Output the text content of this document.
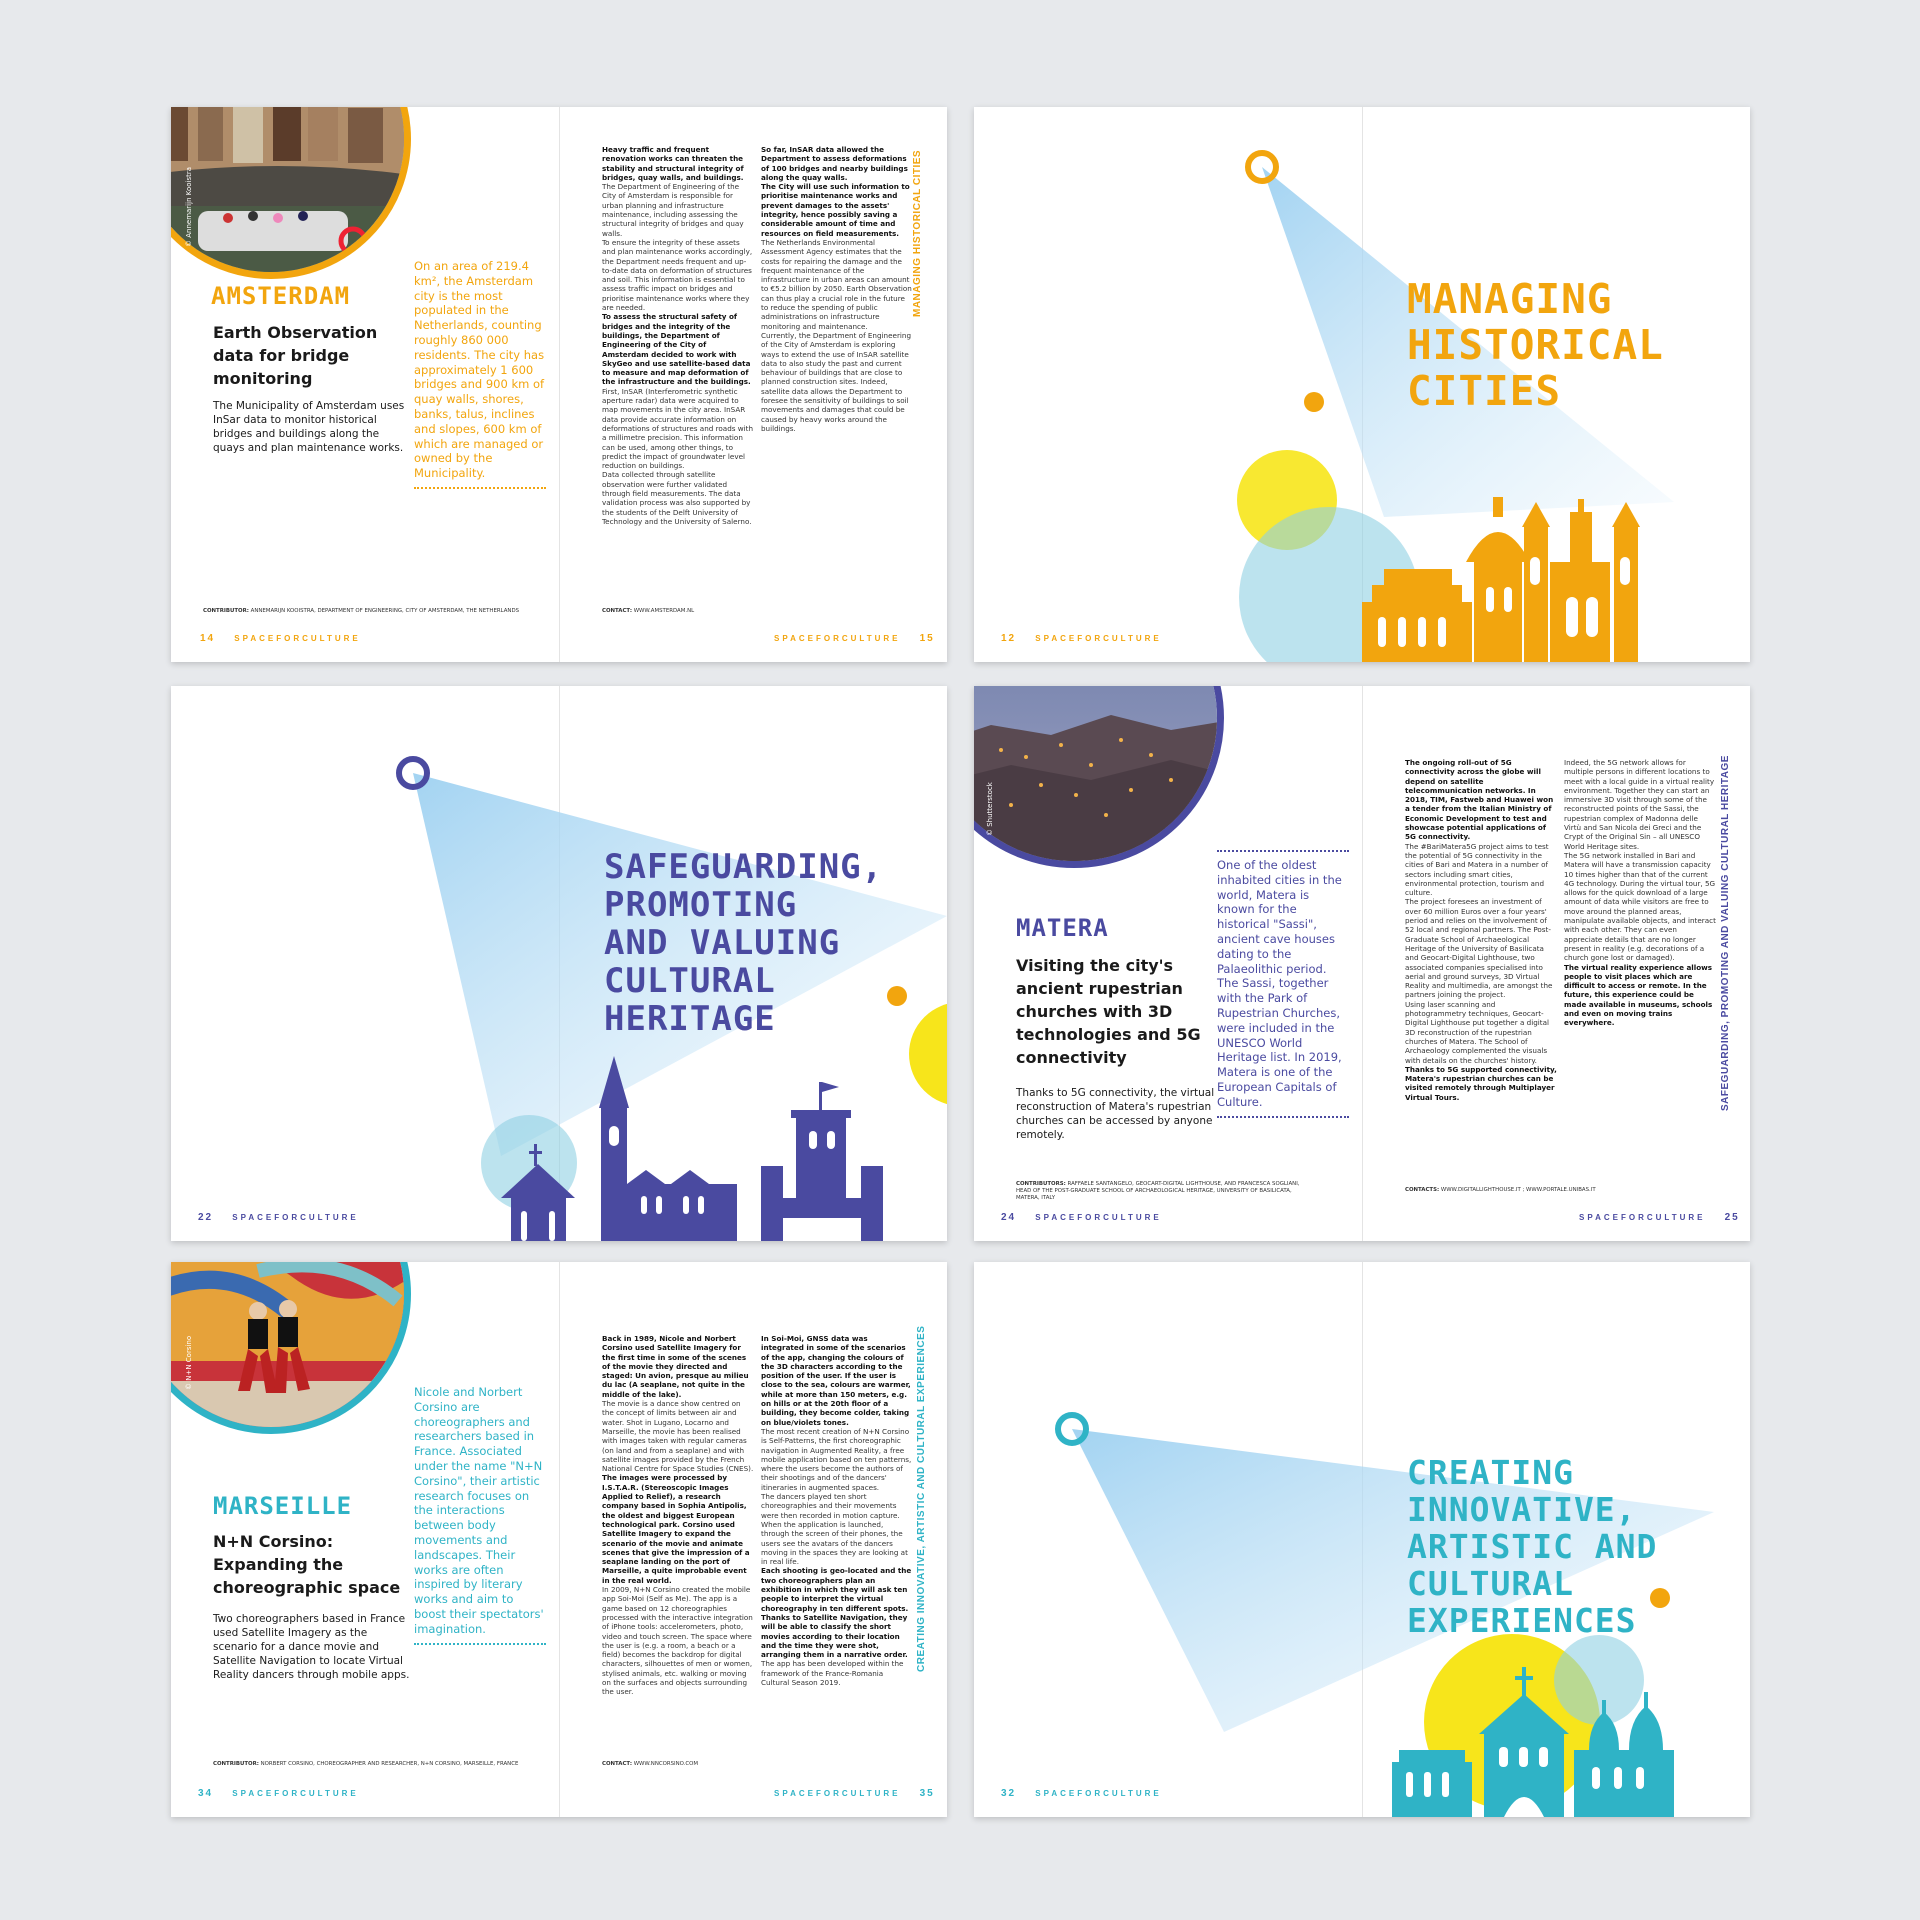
© Annemarijn Kooistra
AMSTERDAM
Earth Observation data for bridge monitoring
The Municipality of Amsterdam uses InSar data to monitor historical bridges and buildings along the quays and plan maintenance works.
On an area of 219.4 km², the Amsterdam city is the most populated in the Netherlands, counting roughly 860 000 residents. The city has approximately 1 600 bridges and 900 km of quay walls, shores, banks, talus, inclines and slopes, 600 km of which are managed or owned by the Municipality.
Heavy traffic and frequent renovation works can threaten the stability and structural integrity of bridges, quay walls, and buildings.
The Department of Engineering of the City of Amsterdam is responsible for urban planning and infrastructure maintenance, including assessing the structural integrity of bridges and quay walls.
To ensure the integrity of these assets and plan maintenance works accordingly, the Department needs frequent and up-to-date data on deformation of structures and soil. This information is essential to assess traffic impact on bridges and prioritise maintenance works where they are needed.
To assess the structural safety of bridges and the integrity of the buildings, the Department of Engineering of the City of Amsterdam decided to work with SkyGeo and use satellite-based data to measure and map deformation of the infrastructure and the buildings.
First, InSAR (Interferometric synthetic aperture radar) data were acquired to map movements in the city area. InSAR data provide accurate information on deformations of structures and roads with a millimetre precision. This information can be used, among other things, to predict the impact of groundwater level reduction on buildings.
Data collected through satellite observation were further validated through field measurements. The data validation process was also supported by the students of the Delft University of Technology and the University of Salerno.
So far, InSAR data allowed the Department to assess deformations of 100 bridges and nearby buildings along the quay walls.
The City will use such information to prioritise maintenance works and prevent damages to the assets' integrity, hence possibly saving a considerable amount of time and resources on field measurements.
The Netherlands Environmental Assessment Agency estimates that the costs for repairing the damage and the frequent maintenance of the infrastructure in urban areas can amount to €5.2 billion by 2050. Earth Observation can thus play a crucial role in the future to reduce the spending of public administrations on infrastructure monitoring and maintenance.
Currently, the Department of Engineering of the City of Amsterdam is exploring ways to extend the use of InSAR satellite data to also study the past and current behaviour of buildings that are close to planned construction sites. Indeed, satellite data allows the Department to foresee the sensitivity of buildings to soil movements and damages that could be caused by heavy works around the buildings.
MANAGING HISTORICAL CITIES
CONTRIBUTOR: ANNEMARIJN KOOISTRA, DEPARTMENT OF ENGINEERING, CITY OF AMSTERDAM, THE NETHERLANDS	CONTACT: WWW.AMSTERDAM.NL
14 SPACEFORCULTURE	SPACEFORCULTURE 15
MANAGING
HISTORICAL
CITIES
12 SPACEFORCULTURE
SAFEGUARDING,
PROMOTING
AND VALUING
CULTURAL
HERITAGE
22 SPACEFORCULTURE
© Shutterstock
MATERA
Visiting the city's ancient rupestrian churches with 3D technologies and 5G connectivity
Thanks to 5G connectivity, the virtual reconstruction of Matera's rupestrian churches can be accessed by anyone remotely.
One of the oldest inhabited cities in the world, Matera is known for the historical "Sassi", ancient cave houses dating to the Palaeolithic period. The Sassi, together with the Park of Rupestrian Churches, were included in the UNESCO World Heritage list. In 2019, Matera is one of the European Capitals of Culture.
The ongoing roll-out of 5G connectivity across the globe will depend on satellite telecommunication networks. In 2018, TIM, Fastweb and Huawei won a tender from the Italian Ministry of Economic Development to test and showcase potential applications of 5G connectivity.
The #BariMatera5G project aims to test the potential of 5G connectivity in the cities of Bari and Matera in a number of sectors including smart cities, environmental protection, tourism and culture.
The project foresees an investment of over 60 million Euros over a four years' period and relies on the involvement of 52 local and regional partners. The Post-Graduate School of Archaeological Heritage of the University of Basilicata and Geocart-Digital Lighthouse, two associated companies specialised into aerial and ground surveys, 3D Virtual Reality and multimedia, are amongst the partners joining the project.
Using laser scanning and photogrammetry techniques, Geocart-Digital Lighthouse put together a digital 3D reconstruction of the rupestrian churches of Matera. The School of Archaeology complemented the visuals with details on the churches' history.
Thanks to 5G supported connectivity, Matera's rupestrian churches can be visited remotely through Multiplayer Virtual Tours.
Indeed, the 5G network allows for multiple persons in different locations to meet with a local guide in a virtual reality environment. Together they can start an immersive 3D visit through some of the reconstructed points of the Sassi, the rupestrian complex of Madonna delle Virtù and San Nicola dei Greci and the Crypt of the Original Sin – all UNESCO World Heritage sites.
The 5G network installed in Bari and Matera will have a transmission capacity 10 times higher than that of the current 4G technology. During the virtual tour, 5G allows for the quick download of a large amount of data while visitors are free to move around the planned areas, manipulate available objects, and interact with each other. They can even appreciate details that are no longer present in reality (e.g. decorations of a church gone lost or damaged).
The virtual reality experience allows people to visit places which are difficult to access or remote. In the future, this experience could be made available in museums, schools and even on moving trains everywhere.	SAFEGUARDING, PROMOTING AND VALUING CULTURAL HERITAGE
CONTRIBUTORS: RAFFAELE SANTANGELO, GEOCART-DIGITAL LIGHTHOUSE, AND FRANCESCA SOGLIANI, HEAD OF THE POST-GRADUATE SCHOOL OF ARCHAEOLOGICAL HERITAGE, UNIVERSITY OF BASILICATA, MATERA, ITALY
CONTACTS: WWW.DIGITALLIGHTHOUSE.IT ; WWW.PORTALE.UNIBAS.IT
24 SPACEFORCULTURE	SPACEFORCULTURE 25
© N+N Corsino
MARSEILLE
N+N Corsino: Expanding the choreographic space
Two choreographers based in France used Satellite Imagery as the scenario for a dance movie and Satellite Navigation to locate Virtual Reality dancers through mobile apps.
Nicole and Norbert Corsino are choreographers and researchers based in France. Associated under the name "N+N Corsino", their artistic research focuses on the interactions between body movements and landscapes. Their works are often inspired by literary works and aim to boost their spectators' imagination.
Back in 1989, Nicole and Norbert Corsino used Satellite Imagery for the first time in some of the scenes of the movie they directed and staged: Un avion, presque au milieu du lac (A seaplane, not quite in the middle of the lake).
The movie is a dance show centred on the concept of limits between air and water. Shot in Lugano, Locarno and Marseille, the movie has been realised with images taken with regular cameras (on land and from a seaplane) and with satellite images provided by the French National Centre for Space Studies (CNES).
The images were processed by I.S.T.A.R. (Stereoscopic Images Applied to Relief), a research company based in Sophia Antipolis, the oldest and biggest European technological park. Corsino used Satellite Imagery to expand the scenario of the movie and animate scenes that give the impression of a seaplane landing on the port of Marseille, a quite improbable event in the real world.
In 2009, N+N Corsino created the mobile app Soi-Moi (Self as Me). The app is a game based on 12 choreographies processed with the interactive integration of iPhone tools: accelerometers, photo, video and touch screen. The space where the user is (e.g. a room, a beach or a field) becomes the backdrop for digital characters, silhouettes of men or women, stylised animals, etc. walking or moving on the surfaces and objects surrounding the user.
In Soi-Moi, GNSS data was integrated in some of the scenarios of the app, changing the colours of the 3D characters according to the position of the user. If the user is close to the sea, colours are warmer, while at more than 150 meters, e.g. on hills or at the 20th floor of a building, they become colder, taking on blue/violets tones.
The most recent creation of N+N Corsino is Self-Patterns, the first choreographic navigation in Augmented Reality, a free mobile application based on ten patterns, where the users become the authors of their shootings and of the dancers' itineraries in augmented spaces.
The dancers played ten short choreographies and their movements were then recorded in motion capture. When the application is launched, through the screen of their phones, the users see the avatars of the dancers moving in the spaces they are looking at in real life.
Each shooting is geo-located and the two choreographers plan an exhibition in which they will ask ten people to interpret the virtual choreography in ten different spots. Thanks to Satellite Navigation, they will be able to classify the short movies according to their location and the time they were shot, arranging them in a narrative order.
The app has been developed within the framework of the France-Romania Cultural Season 2019.
CREATING INNOVATIVE, ARTISTIC AND CULTURAL EXPERIENCES
CONTRIBUTOR: NORBERT CORSINO, CHOREOGRAPHER AND RESEARCHER, N+N CORSINO, MARSEILLE, FRANCE	CONTACT: WWW.NNCORSINO.COM
34 SPACEFORCULTURE	SPACEFORCULTURE 35
CREATING
INNOVATIVE,
ARTISTIC AND
CULTURAL
EXPERIENCES
32 SPACEFORCULTURE
